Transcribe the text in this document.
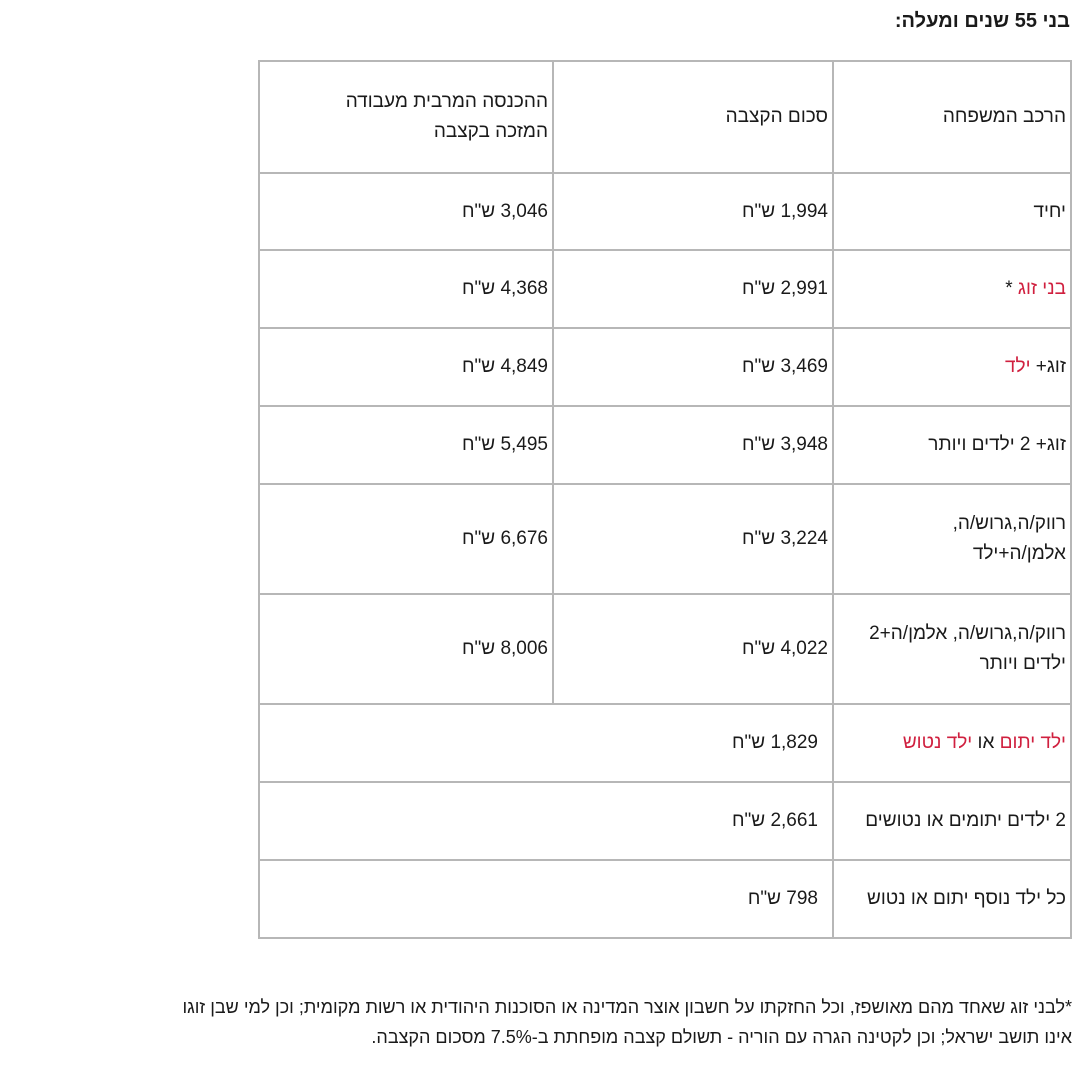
בני 55 שנים ומעלה:
הרכב המשפחה	סכום הקצבה	ההכנסה המרבית מעבודה
המזכה בקצבה

יחיד	1,994 ש"ח	3,046 ש"ח
בני זוג *	2,991 ש"ח	4,368 ש"ח
זוג+ ילד	3,469 ש"ח	4,849 ש"ח
זוג+ 2 ילדים ויותר	3,948 ש"ח	5,495 ש"ח

רווק/ה,גרוש/ה,
אלמן/ה+ילד	3,224 ש"ח	6,676 ש"ח

רווק/ה,גרוש/ה, אלמן/ה+2
ילדים ויותר	4,022 ש"ח	8,006 ש"ח
ילד יתום או ילד נטוש	1,829 ש"ח	
2 ילדים יתומים או נטושים	2,661 ש"ח	
כל ילד נוסף יתום או נטוש	798 ש"ח	
*לבני זוג שאחד מהם מאושפז, וכל החזקתו על חשבון אוצר המדינה או הסוכנות היהודית או רשות מקומית; וכן למי שבן זוגו
אינו תושב ישראל; וכן לקטינה הגרה עם הוריה - תשולם קצבה מופחתת ב-7.5% מסכום הקצבה.
